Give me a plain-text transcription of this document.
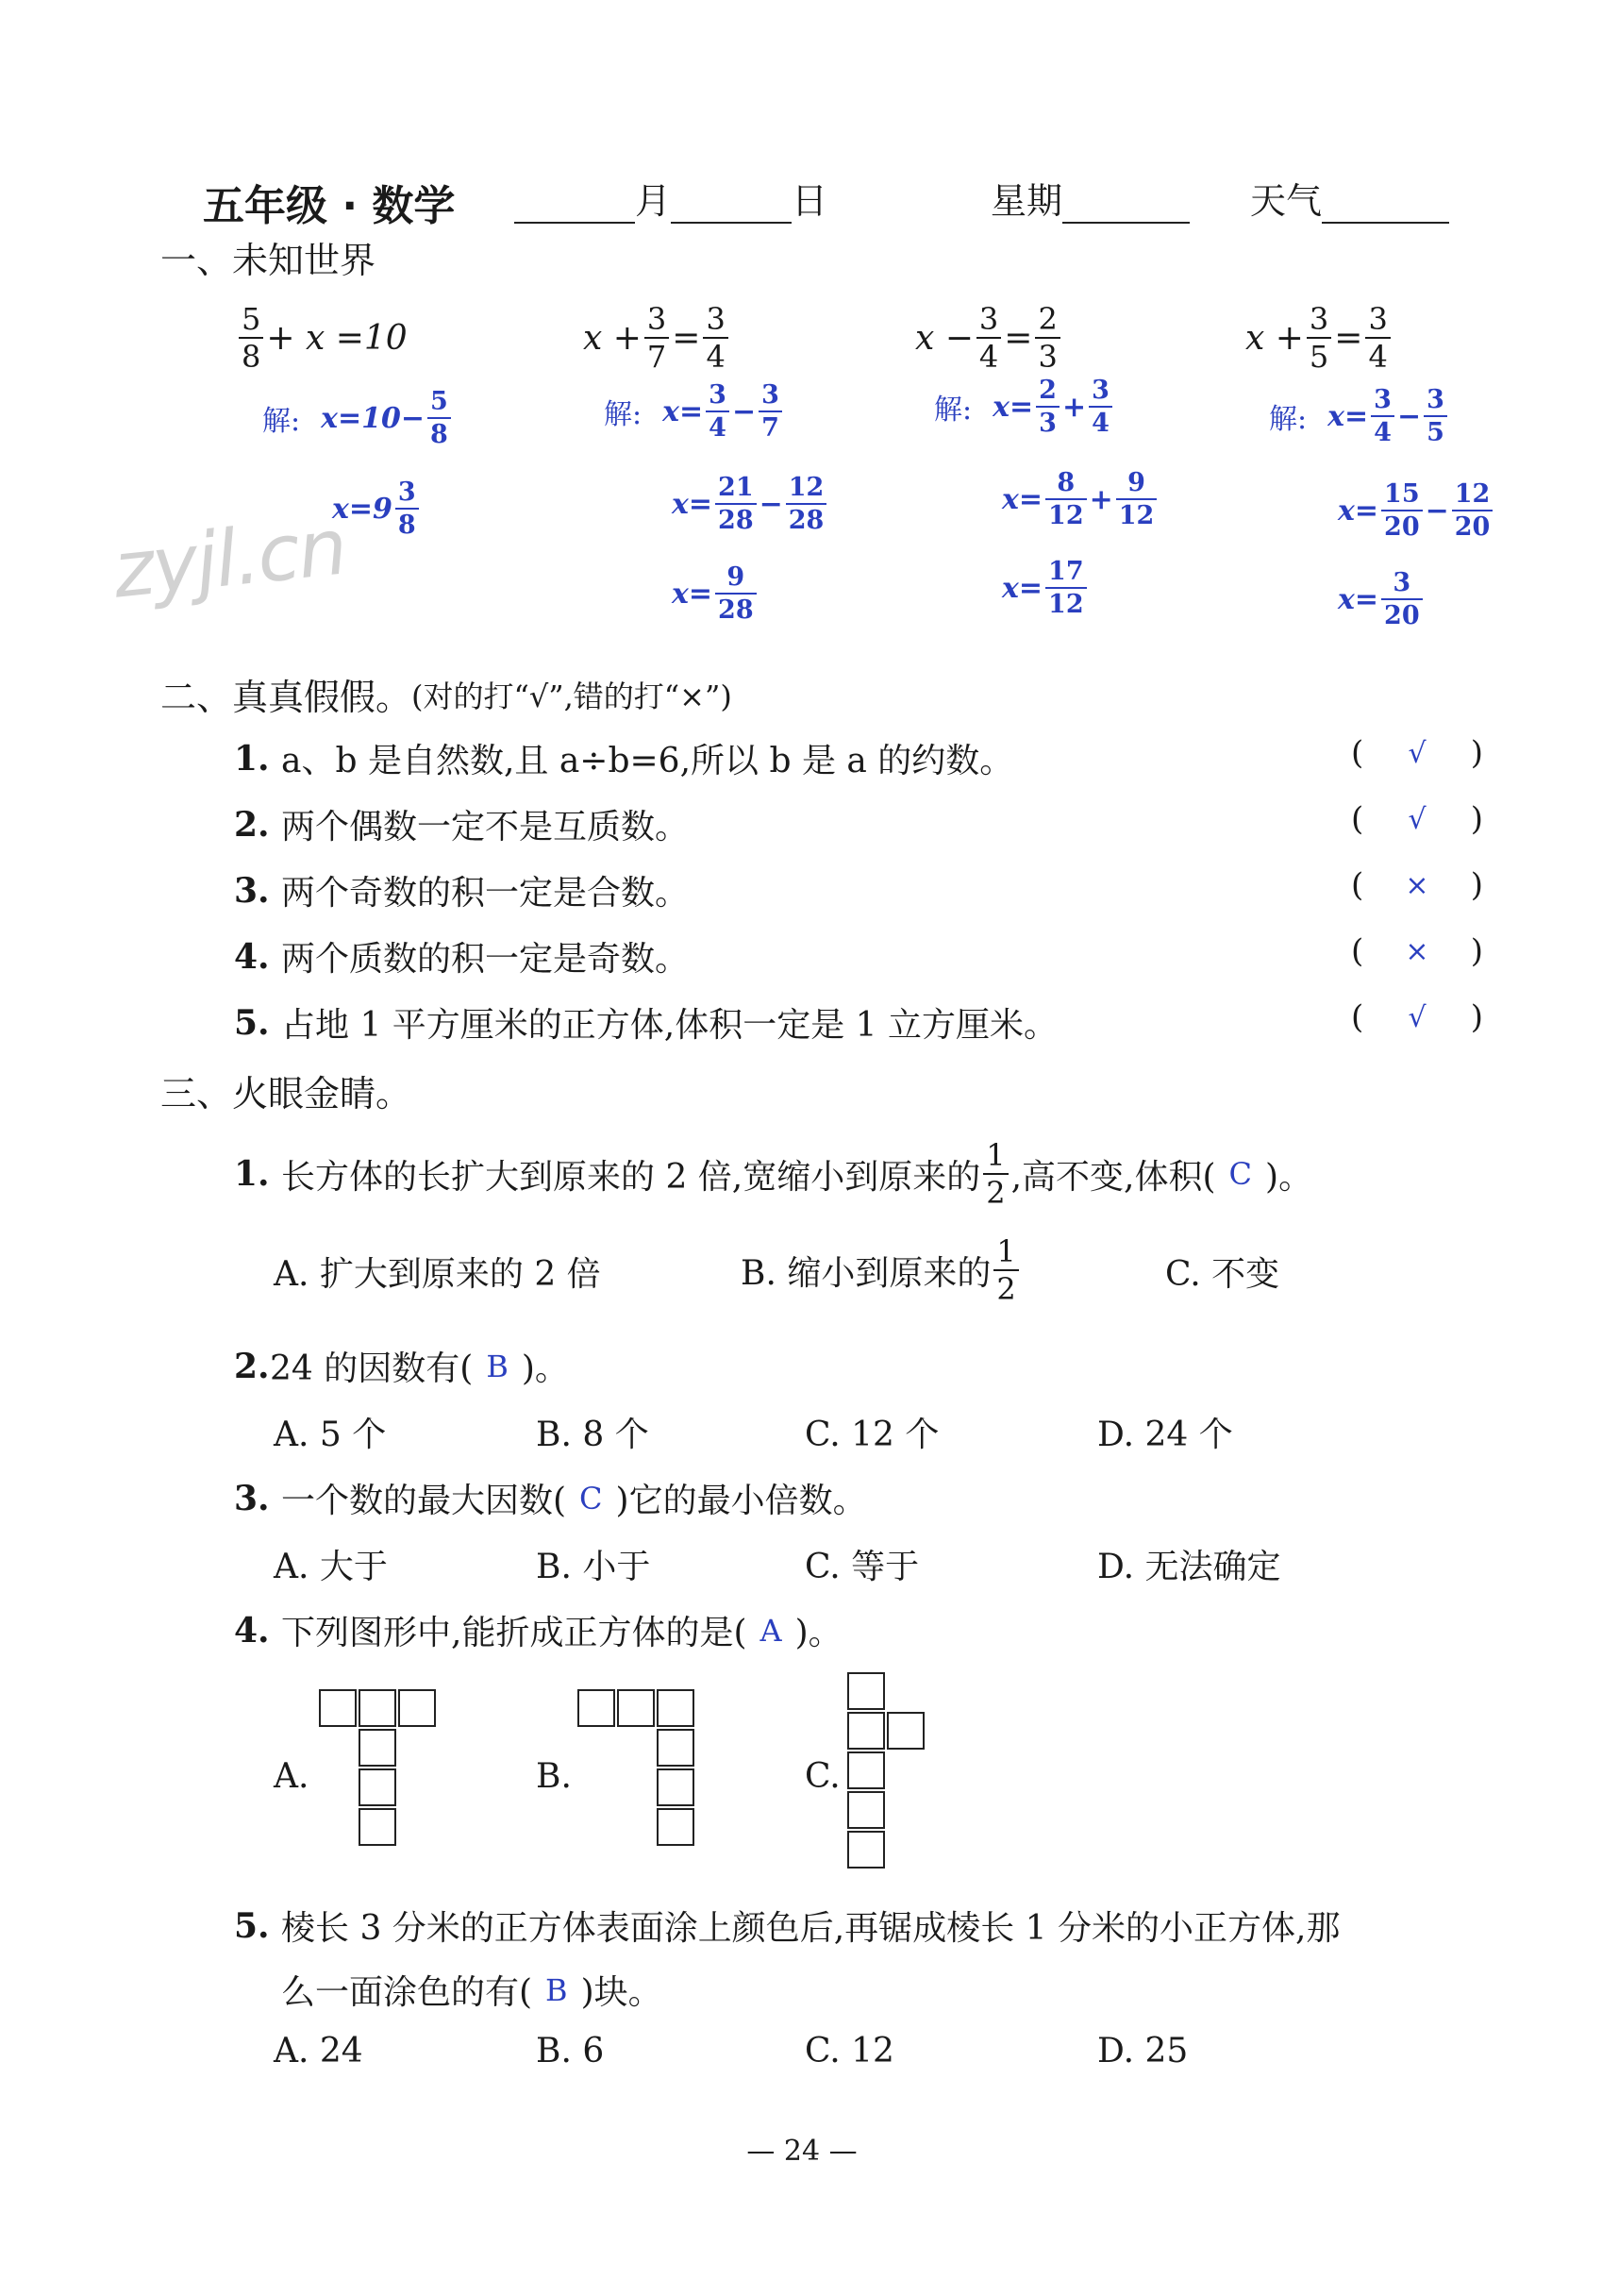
五年级 · 数学	月	日	星期	天气
一、未知世界
zyjl.cn
$\frac{5}{8} + x =10$
解: $x=10- \frac{5}{8}$
$x=9 \frac{3}{8}$
$x + \frac{3}{7} = \frac{3}{4}$
解: $x= \frac{3}{4} - \frac{3}{7}$
$x= \frac{21}{28} - \frac{12}{28}$
$x= \frac{9}{28}$
$x - \frac{3}{4} = \frac{2}{3}$
解: $x= \frac{2}{3} + \frac{3}{4}$
$x= \frac{8}{12} + \frac{9}{12}$
$x= \frac{17}{12}$
$x + \frac{3}{5} = \frac{3}{4}$
解: $x= \frac{3}{4} - \frac{3}{5}$
$x= \frac{15}{20} - \frac{12}{20}$
$x= \frac{3}{20}$
二、真真假假。 (对的打“√”,错的打“×”)
1. a、b 是自然数,且 a÷b=6,所以 b 是 a 的约数。	( √ )
2. 两个偶数一定不是互质数。	( √ )
3. 两个奇数的积一定是合数。	( × )
4. 两个质数的积一定是奇数。	( × )
5. 占地 1 平方厘米的正方体,体积一定是 1 立方厘米。	( √ )
三、火眼金睛。
1. 长方体的长扩大到原来的 2 倍,宽缩小到原来的 $\frac{1}{2}$ ,高不变,体积( C )。
A. 扩大到原来的 2 倍	B. 缩小到原来的 $\frac{1}{2}$	C. 不变
2. 24 的因数有( B )。
A. 5 个	B. 8 个	C. 12 个	D. 24 个
3. 一个数的最大因数( C )它的最小倍数。
A. 大于	B. 小于	C. 等于	D. 无法确定
4. 下列图形中,能折成正方体的是( A )。
A.	B.	C.
5. 棱长 3 分米的正方体表面涂上颜色后,再锯成棱长 1 分米的小正方体,那
么一面涂色的有( B )块。
A. 24	B. 6	C. 12	D. 25
— 24 —
